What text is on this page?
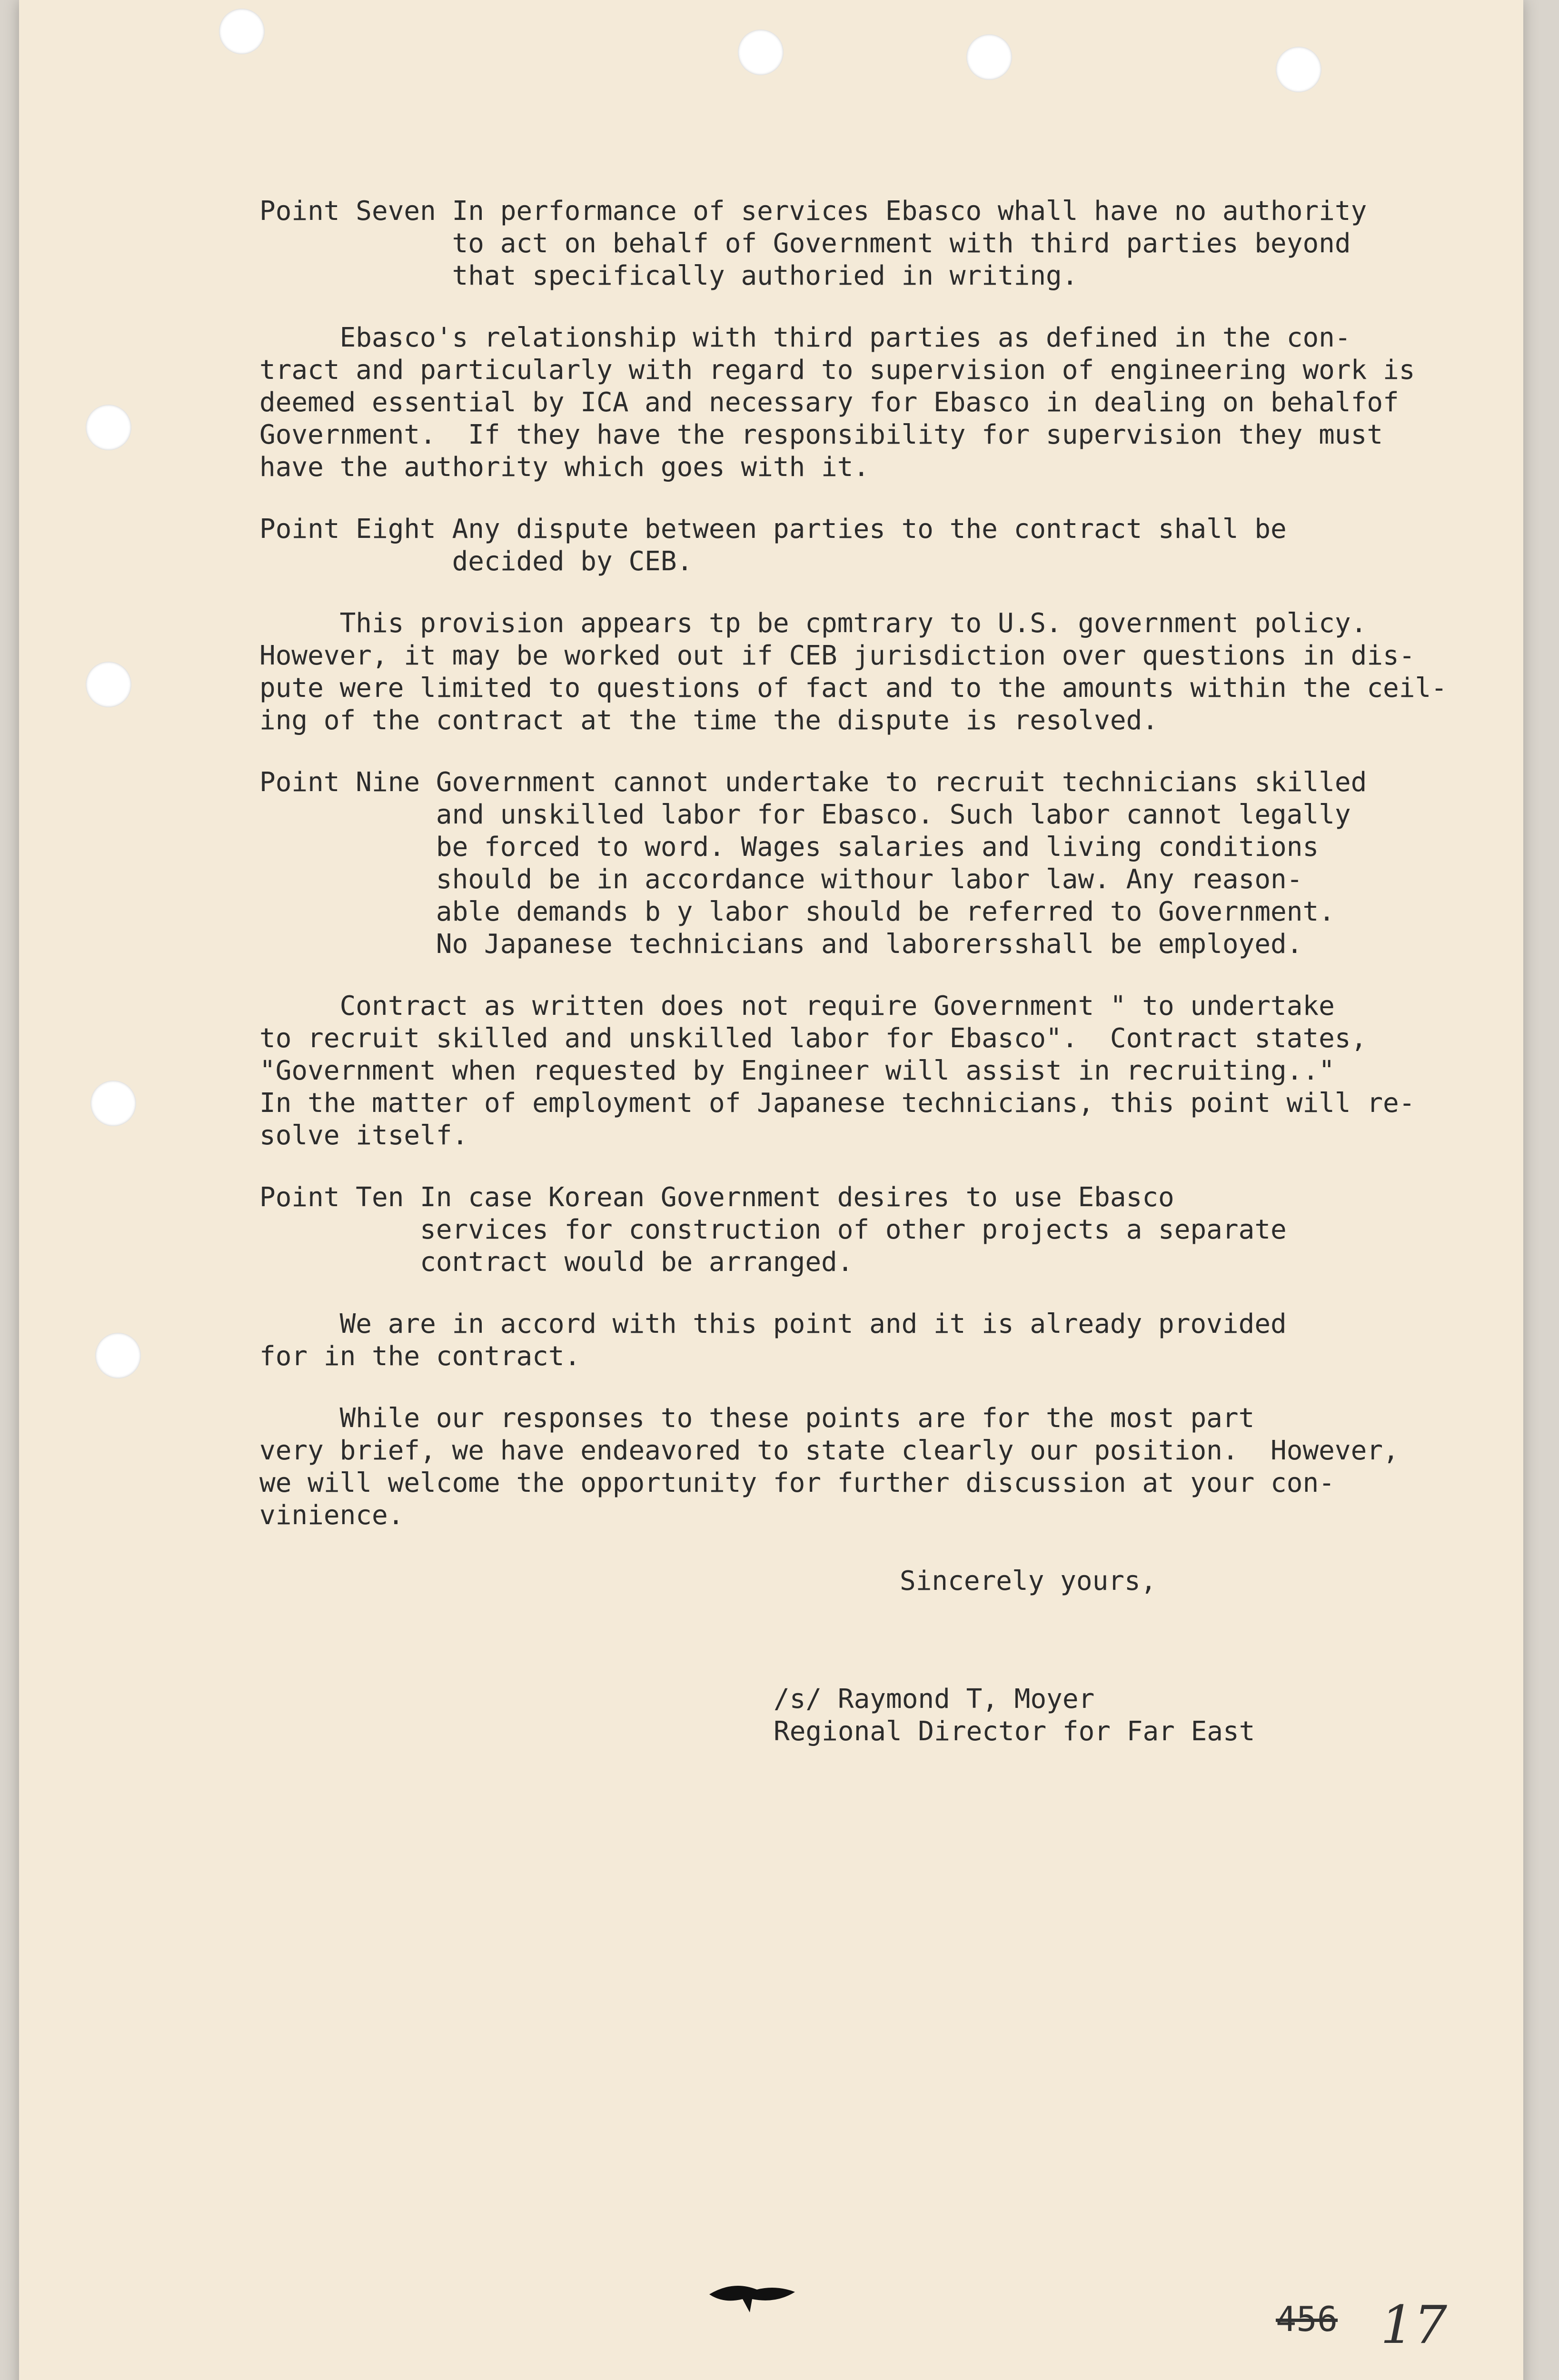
Point Seven In performance of services Ebasco whall have no authority
to act on behalf of Government with third parties beyond
that specifically authoried in writing.
Ebasco's relationship with third parties as defined in the con-
tract and particularly with regard to supervision of engineering work is
deemed essential by ICA and necessary for Ebasco in dealing on behalfof
Government.  If they have the responsibility for supervision they must
have the authority which goes with it.
Point Eight Any dispute between parties to the contract shall be
decided by CEB.
This provision appears tp be cpmtrary to U.S. government policy.
However, it may be worked out if CEB jurisdiction over questions in dis-
pute were limited to questions of fact and to the amounts within the ceil-
ing of the contract at the time the dispute is resolved.
Point Nine Government cannot undertake to recruit technicians skilled
and unskilled labor for Ebasco. Such labor cannot legally
be forced to word. Wages salaries and living conditions
should be in accordance withour labor law. Any reason-
able demands b y labor should be referred to Government.
No Japanese technicians and laborersshall be employed.
Contract as written does not require Government " to undertake
to recruit skilled and unskilled labor for Ebasco".  Contract states,
"Government when requested by Engineer will assist in recruiting.."
In the matter of employment of Japanese technicians, this point will re-
solve itself.
Point Ten In case Korean Government desires to use Ebasco
services for construction of other projects a separate
contract would be arranged.
We are in accord with this point and it is already provided
for in the contract.
While our responses to these points are for the most part
very brief, we have endeavored to state clearly our position.  However,
we will welcome the opportunity for further discussion at your con-
vinience.
Sincerely yours,
/s/ Raymond T, Moyer
Regional Director for Far East
456 17
